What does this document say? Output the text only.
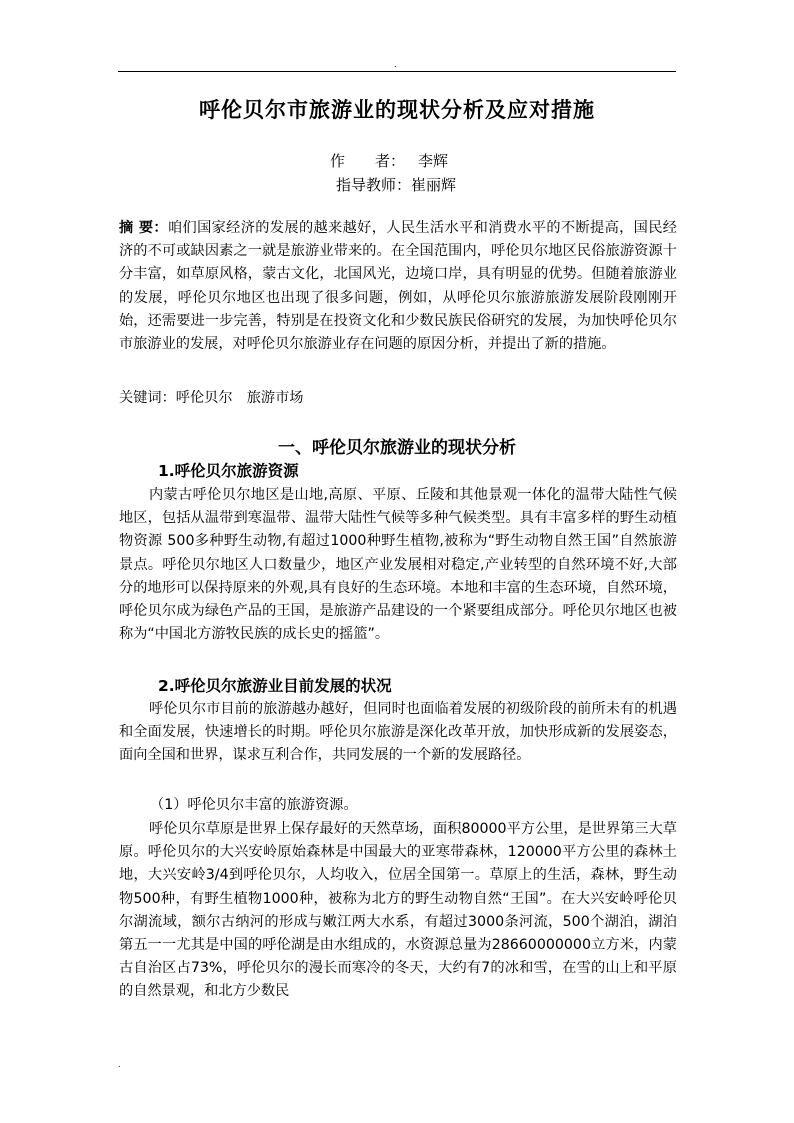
.
呼伦贝尔市旅游业的现状分析及应对措施
作　　者： 李辉
指导教师：崔丽辉
摘 要：咱们国家经济的发展的越来越好，人民生活水平和消费水平的不断提高，国民经济的不可或缺因素之一就是旅游业带来的。在全国范围内，呼伦贝尔地区民俗旅游资源十分丰富，如草原风格，蒙古文化，北国风光，边境口岸，具有明显的优势。但随着旅游业的发展，呼伦贝尔地区也出现了很多问题，例如，从呼伦贝尔旅游旅游发展阶段刚刚开始，还需要进一步完善，特别是在投资文化和少数民族民俗研究的发展，为加快呼伦贝尔市旅游业的发展，对呼伦贝尔旅游业存在问题的原因分析，并提出了新的措施。
关键词：呼伦贝尔　旅游市场
一、呼伦贝尔旅游业的现状分析
1.呼伦贝尔旅游资源
内蒙古呼伦贝尔地区是山地,高原、平原、丘陵和其他景观一体化的温带大陆性气候地区，包括从温带到寒温带、温带大陆性气候等多种气候类型。具有丰富多样的野生动植物资源 500多种野生动物,有超过1000种野生植物,被称为“野生动物自然王国”自然旅游景点。呼伦贝尔地区人口数量少，地区产业发展相对稳定,产业转型的自然环境不好,大部分的地形可以保持原来的外观,具有良好的生态环境。本地和丰富的生态环境，自然环境，呼伦贝尔成为绿色产品的王国，是旅游产品建设的一个紧要组成部分。呼伦贝尔地区也被称为“中国北方游牧民族的成长史的摇篮”。
2.呼伦贝尔旅游业目前发展的状况
呼伦贝尔市目前的旅游越办越好，但同时也面临着发展的初级阶段的前所未有的机遇和全面发展，快速增长的时期。呼伦贝尔旅游是深化改革开放，加快形成新的发展姿态，面向全国和世界，谋求互利合作，共同发展的一个新的发展路径。
（1）呼伦贝尔丰富的旅游资源。
呼伦贝尔草原是世界上保存最好的天然草场，面积80000平方公里，是世界第三大草原。呼伦贝尔的大兴安岭原始森林是中国最大的亚寒带森林，120000平方公里的森林土地，大兴安岭3/4到呼伦贝尔，人均收入，位居全国第一。草原上的生活，森林，野生动物500种，有野生植物1000种，被称为北方的野生动物自然“王国”。在大兴安岭呼伦贝尔湖流域，额尔古纳河的形成与嫩江两大水系，有超过3000条河流，500个湖泊，湖泊第五一一尤其是中国的呼伦湖是由水组成的，水资源总量为28660000000立方米，内蒙古自治区占73%，呼伦贝尔的漫长而寒冷的冬天，大约有7的冰和雪，在雪的山上和平原的自然景观，和北方少数民
.
